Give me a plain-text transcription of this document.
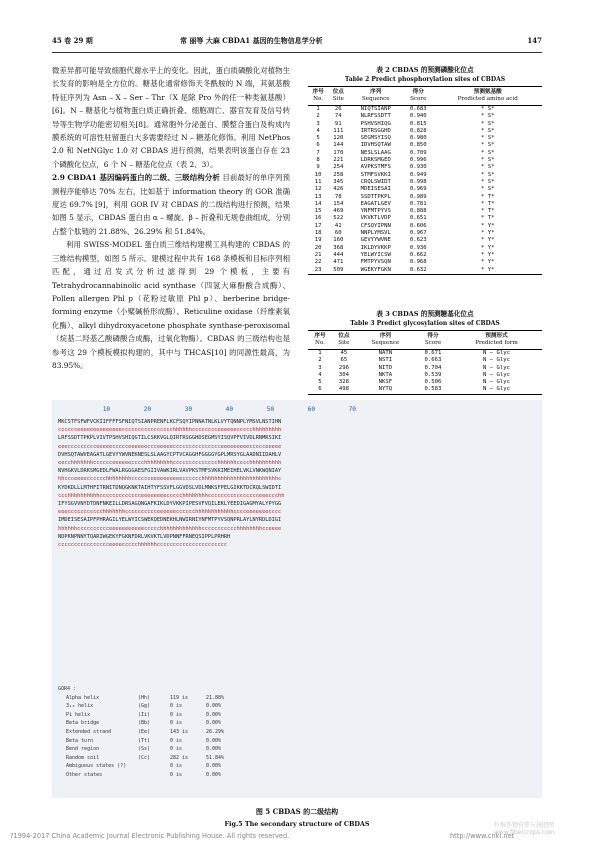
45 卷 29 期	常 丽等 大麻 CBDA1 基因的生物信息学分析	147

微差异都可能导致细胞代谢水平上的变化。因此，蛋白质磷酸化对植物生长发育的影响是全方位的。糖基化通常修饰天冬酰胺的 N 端，其氨基酸特征序列为 Asn – X – Ser – Thr（X 是除 Pro 外的任一种类氨基酸）[6]。N – 糖基化与植物蛋白质正确折叠、细胞凋亡、器官发育及信号转导等生物学功能密切相关[8]。通常胞外分泌蛋白、膜整合蛋白及构成内膜系统的可溶性驻留蛋白大多需要经过 N – 糖基化修饰。利用 NetPhos 2.0 和 NetNGlyc 1.0 对 CBDAS 进行预测，结果表明该蛋白存在 23 个磷酸化位点，6 个 N – 糖基化位点（表 2、3）。

2.9 CBDA1 基因编码蛋白的二级、三级结构分析 目前最好的单序列预测程序能够达 70% 左右，比如基于 information theory 的 GOR 准确度达 69.7% [9]，利用 GOR IV 对 CBDAS 的二级结构进行预测，结果如图 5 显示，CBDAS 蛋白由 α – 螺旋、β – 折叠和无规卷曲组成，分别占整个肽链的 21.88%、26.29% 和 51.84%。

利用 SWISS-MODEL 蛋白质三维结构建模工具构建的 CBDAS 的三维结构模型，如图 5 所示。建模过程中共有 168 条模板和目标序列相匹配，通过启发式分析过滤得到 29 个模板，主要有 Tetrahydrocannabinolic acid synthase（四氢大麻酚酸合成酶）、Pollen allergen Phl p（花粉过敏原 Phl p）、berberine bridge-forming enzyme（小檗碱桥形成酶）、Reticuline oxidase（纤维素氧化酶）、alkyl dihydroxyacetone phosphate synthase·peroxisomal（烷基二羟基乙酸磷酸合成酶，过氧化物酶）。CBDAS 的三级结构也是参考这 29 个模板模拟构建的，其中与 THCAS[10] 的同源性最高，为 83.95%。

表 2 CBDAS 的预测磷酸化位点
Table 2 Predict phosphorylation sites of CBDAS
序号	位点	序列	得分	预测氨基酸
No.	Site	Sequence	Score	Predicted amino acid
1	26	NIQTSIANP	0.683	* S*
2	74	NLRFSSDTT	0.940	* S*
3	91	PSHVSHIQG	0.815	* S*
4	111	IRTRSGGHD	0.828	* S*
5	120	SEGMSYISQ	0.980	* S*
6	144	IDVHSQTAW	0.850	* S*
7	170	NESLSLAAG	0.709	* S*
8	221	LDRKSMGED	0.996	* S*
9	254	AVPKSTMFS	0.930	* S*
10	258	STMFSVKKI	0.949	* S*
11	345	CRQLSWIDT	0.998	* S*
12	426	MDEISESAI	0.969	* S*
13	78	SSDTTPKPL	0.989	* T*
14	154	EAGATLGEV	0.781	* T*
15	469	YNFMTPYVS	0.888	* T*
16	522	VKVKTLVDP	0.651	* T*
17	41	CFSQYIPNN	0.606	* Y*
18	60	NNPLYMSVL	0.967	* Y*
19	160	GEVYYWVNE	0.623	* Y*
20	368	IKLDYVKKP	0.936	* Y*
21	444	YELWYICSW	0.662	* Y*
22	471	FMTPYVSQN	0.968	* Y*
23	509	WGEKYFGKN	0.632	* Y*
表 3 CBDAS 的预测糖基化位点
Table 3 Predict glycosylation sites of CBDAS
序号	位点	序列	得分	预测形式
No.	Site	Sequence	Score	Predicted form
1	45	NATN	0.671	N – Glyc
2	65	NSTI	0.663	N – Glyc
3	296	NITD	0.704	N – Glyc
4	304	NKTA	0.539	N – Glyc
5	328	NKSF	0.506	N – Glyc
6	498	NYTQ	0.583	N – Glyc
10         20         30         40         50         60         70
MKCSTFSFWFVCKIIFFFFSFNIQTSIANPRENFLKCFSQYIPNNATNLKLVYTQNNPLYMSVLNSTIHN
cccccceeeeeeeeeeeeeecccccccccccccccchhhhhhcccccccceeeeeeccccchhhhhhhhh
LRFSSDTTPKPLVIVTPSHVSHIQGTILCSKKVGLQIRTRSGGHDSEGMSYISQVPFVIVDLRNMRSIKI
eeeccccccccceeeeeccccceeeeeeccceeeeeccccccccccccccceeeeeeeeeccccceeeee
DVHSQTAWVEAGATLGEVYYWVNEKNESLSLAAGYCPTVCAGGHFGGGGYGPLMRSYGLAADNIIDAHLV
eecchhhhhhhcccccceeeeeecccchhhhhhhhhcccccccccccccchhhhhhcccchhhhhhhhhh
NVHGKVLDRKSMGEDLFWALRGGGAESFGIIVAWKIRLVAVPKSTMFSVKKIMEIHELVKLVNKWQNIAY
hhccceeeecccccchhhhhhhhcccccceeeeeeeeeecccccchhhhhhhhhhhhhhhhhhhhhhhhc
KYDKDLLLMTHFITRNITDNQGKNKTAIHTYFSSVFLGGVDSLVDLMNKSFPELGIKKTDCRQLSWIDTI
ccchhhhhhhhhhccccccccccccceeeeeeeeccccchhhhhhhhcccccccccccccccceeeccchh
IFYSGVVNYDTDNFNKEILLDRSAGQNGAFKIKLDYVKKPIPESVFVQILEKLYEEDIGAGMYALYPYGG
eeeccccccccccchhhhhhhcccccccccceeeeeecccccchhhhhhhhhhhhcccceeeeeeecccc
IMDEISESAIPFPHRAGILYELWYICSWEKQEDNEKHLNWIRNIYNFMTPYVSQNPRLAYLNYRDLDIGI
hhhhhhcccccccccceeeeeeeeeeeccccchhhhhhhhhhhhhccccccccccchhhhhhhhcceeee
NDPKNPNNYTQARIWGEKYFGKNFDRLVKVKTLVDPNNFFRNEQSIPPLPRHRH
cccccccccccccccceeeeccccchhhhhhcccccccccccccccccccccc
GOR4 :
Alpha helix	(Hh)	119 is	21.88%
3₁₀ helix	(Gg)	0 is	0.00%
Pi helix	(Ii)	0 is	0.00%
Beta bridge	(Bb)	0 is	0.00%
Extended strand	(Ee)	143 is	26.29%
Beta turn	(Tt)	0 is	0.00%
Bend region	(Ss)	0 is	0.00%
Random coil	(Cc)	282 is	51.84%
Ambiguous states (?)	0 is	0.00%
Other states	0 is	0.00%
图 5 CBDAS 的二级结构
Fig.5 The secondary structure of CBDAS
?1994-2017 China Academic Journal Electronic Publishing House. All rights reserved.	http://www.cnki.net
纤维作物营养与施肥网 www.fibercrops.com
